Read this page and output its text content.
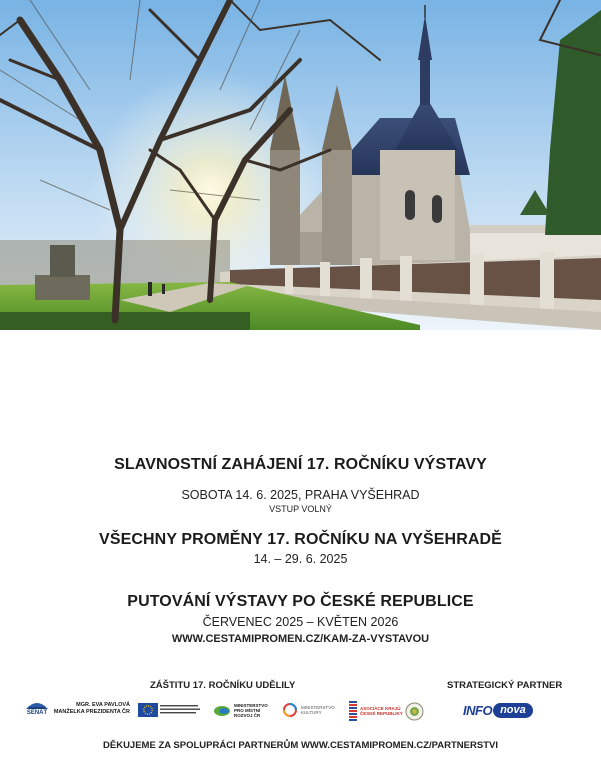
SLAVNOSTNÍ ZAHÁJENÍ 17. ROČNÍKU VÝSTAVY
SOBOTA 14. 6. 2025, PRAHA VYŠEHRAD
VSTUP VOLNÝ
VŠECHNY PROMĚNY 17. ROČNÍKU NA VYŠEHRADĚ
14. – 29. 6. 2025
PUTOVÁNÍ VÝSTAVY PO ČESKÉ REPUBLICE
ČERVENEC 2025 – KVĚTEN 2026
WWW.CESTAMIPROMEN.CZ/KAM-ZA-VYSTAVOU
ZÁŠTITU 17. ROČNÍKU UDĚLILY	STRATEGICKÝ PARTNER
SENÁT
MGR. EVA PAVLOVÁ
MANŽELKA PREZIDENTA ČR
MINISTERSTVO
PRO MÍSTNÍ
ROZVOJ ČR
MINISTERSTVO
KULTURY
ASOCIACE KRAJŮ
ČESKÉ REPUBLIKY	INFO nova
DĚKUJEME ZA SPOLUPRÁCI PARTNERŮM WWW.CESTAMIPROMEN.CZ/PARTNERSTVI
